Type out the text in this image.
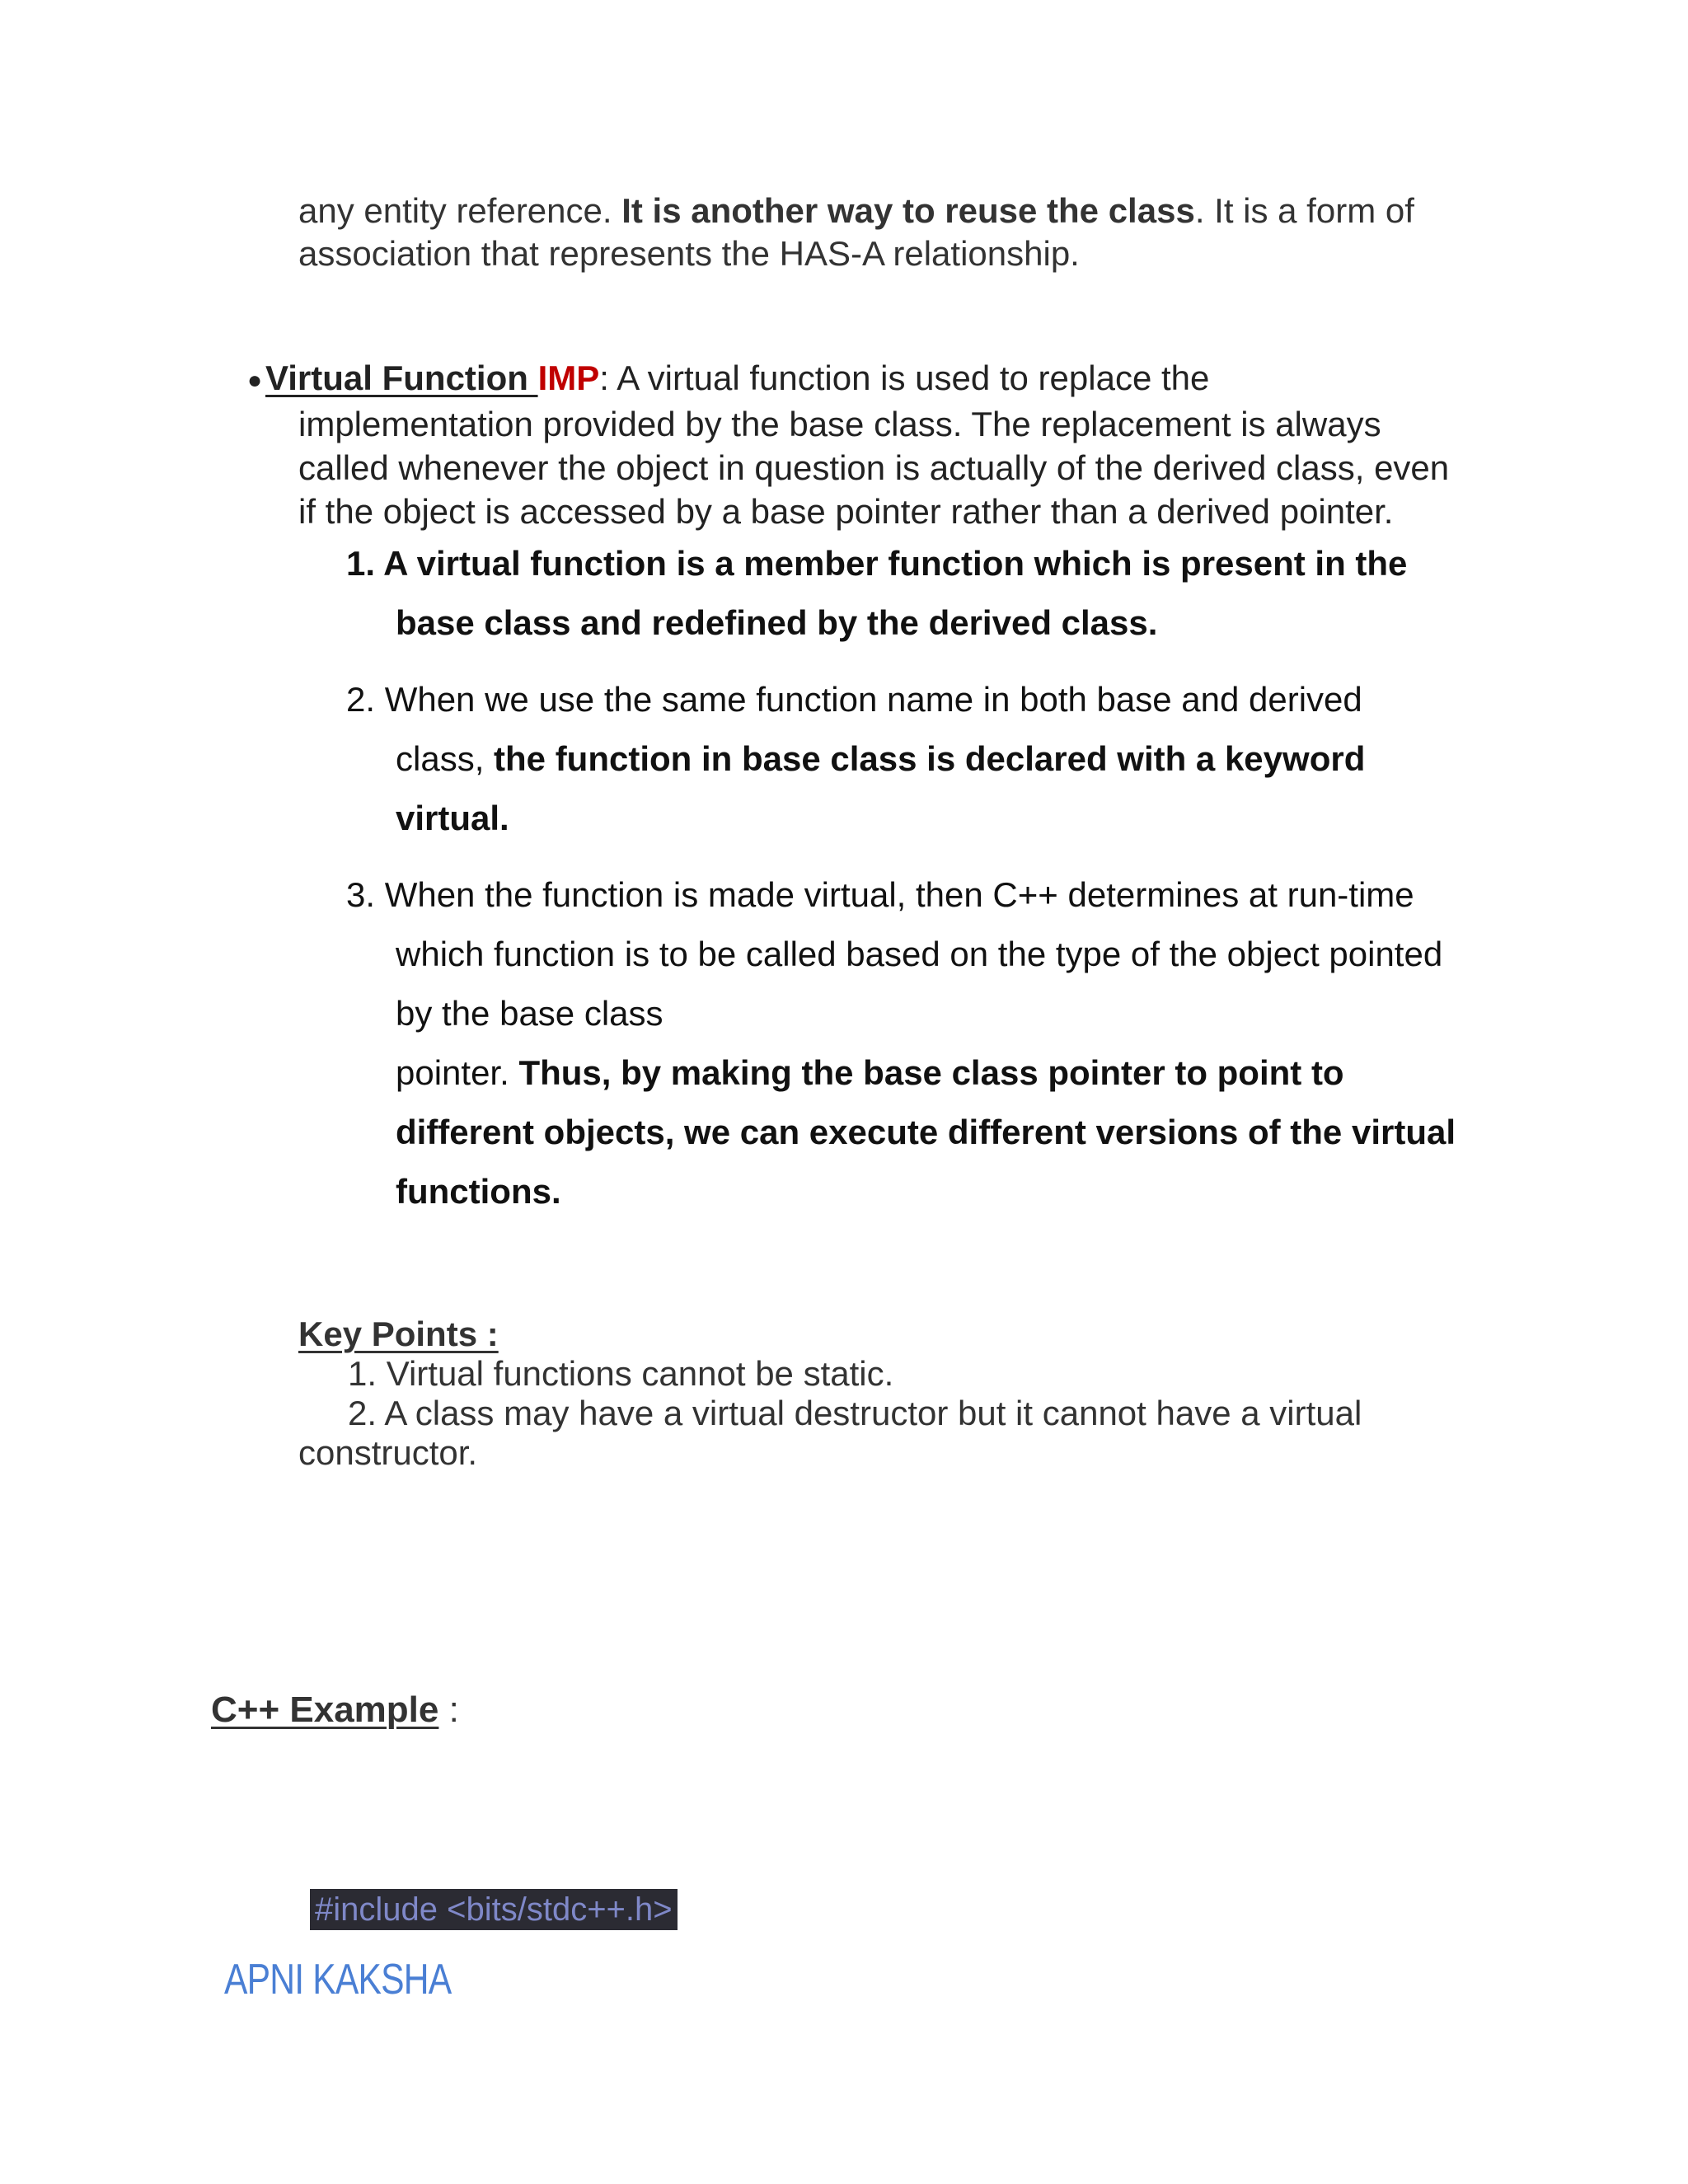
any entity reference. It is another way to reuse the class. It is a form of
association that represents the HAS-A relationship.
●Virtual Function IMP: A virtual function is used to replace the
implementation provided by the base class. The replacement is always
called whenever the object in question is actually of the derived class, even
if the object is accessed by a base pointer rather than a derived pointer.
1. A virtual function is a member function which is present in the
base class and redefined by the derived class.
2. When we use the same function name in both base and derived
class, the function in base class is declared with a keyword
virtual.
3. When the function is made virtual, then C++ determines at run-time
which function is to be called based on the type of the object pointed
by the base class
pointer. Thus, by making the base class pointer to point to
different objects, we can execute different versions of the virtual
functions.
Key Points :
1. Virtual functions cannot be static.
2. A class may have a virtual destructor but it cannot have a virtual
constructor.
C++ Example :
#include <bits/stdc++.h>
APNI KAKSHA
